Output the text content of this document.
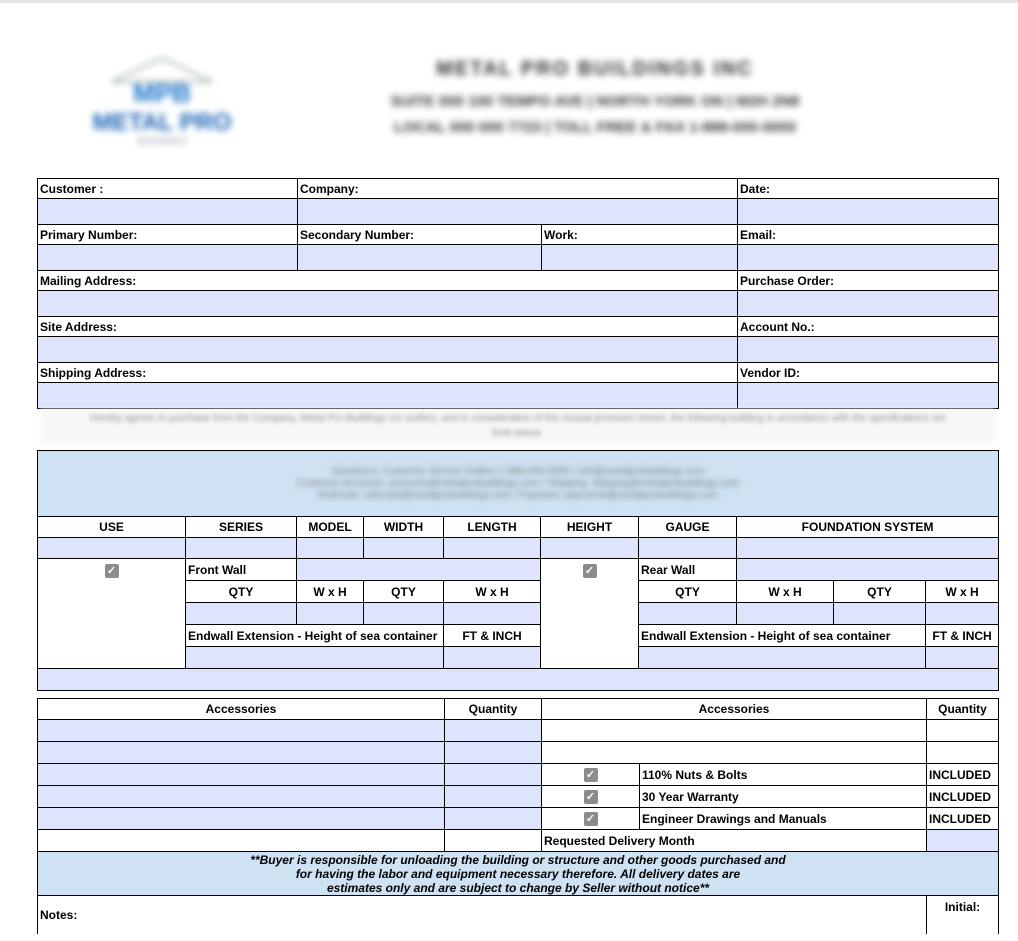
MPB
METAL PRO
BUILDINGS
METAL PRO BUILDINGS INC
SUITE 000 100 TEMPO AVE | NORTH YORK ON | M2H 2N8
LOCAL 000 000 7723 | TOLL FREE & FAX 1-888-000-0000
Customer :	Company:		Date:

Primary Number:	Secondary Number:	Work:	Email:

Mailing Address:			Purchase Order:

Site Address:			Account No.:

Shipping Address:			Vendor ID:

Hereby agrees to purchase from the Company, Metal Pro Buildings Inc (seller), and in consideration of the mutual promises herein, the following building in accordance with the specifications set forth below.
Questions: Customer Service Hotline 1-888-000-0000 / info@metalprobuildings.com
Customer Accounts: accounts@metalprobuildings.com / Shipping: shipping@metalprobuildings.com
Referrals: referrals@metalprobuildings.com / Payment: payments@metalprobuildings.com									

USE	SERIES	MODEL	WIDTH	LENGTH	HEIGHT	GAUGE	FOUNDATION SYSTEM		

✓	Front Wall				✓	Rear Wall			
	QTY	W x H	QTY	W x H		QTY	W x H	QTY	W x H

	Endwall Extension - Height of sea container			FT & INCH		Endwall Extension - Height of sea container			FT & INCH

Accessories	Quantity	Accessories		Quantity

		✓	110% Nuts & Bolts	INCLUDED
		✓	30 Year Warranty	INCLUDED
		✓	Engineer Drawings and Manuals	INCLUDED
		Requested Delivery Month		

**Buyer is responsible for unloading the building or structure and other goods purchased and
for having the labor and equipment necessary therefore. All delivery dates are
estimates only and are subject to change by Seller without notice**				

Notes:				Initial:
